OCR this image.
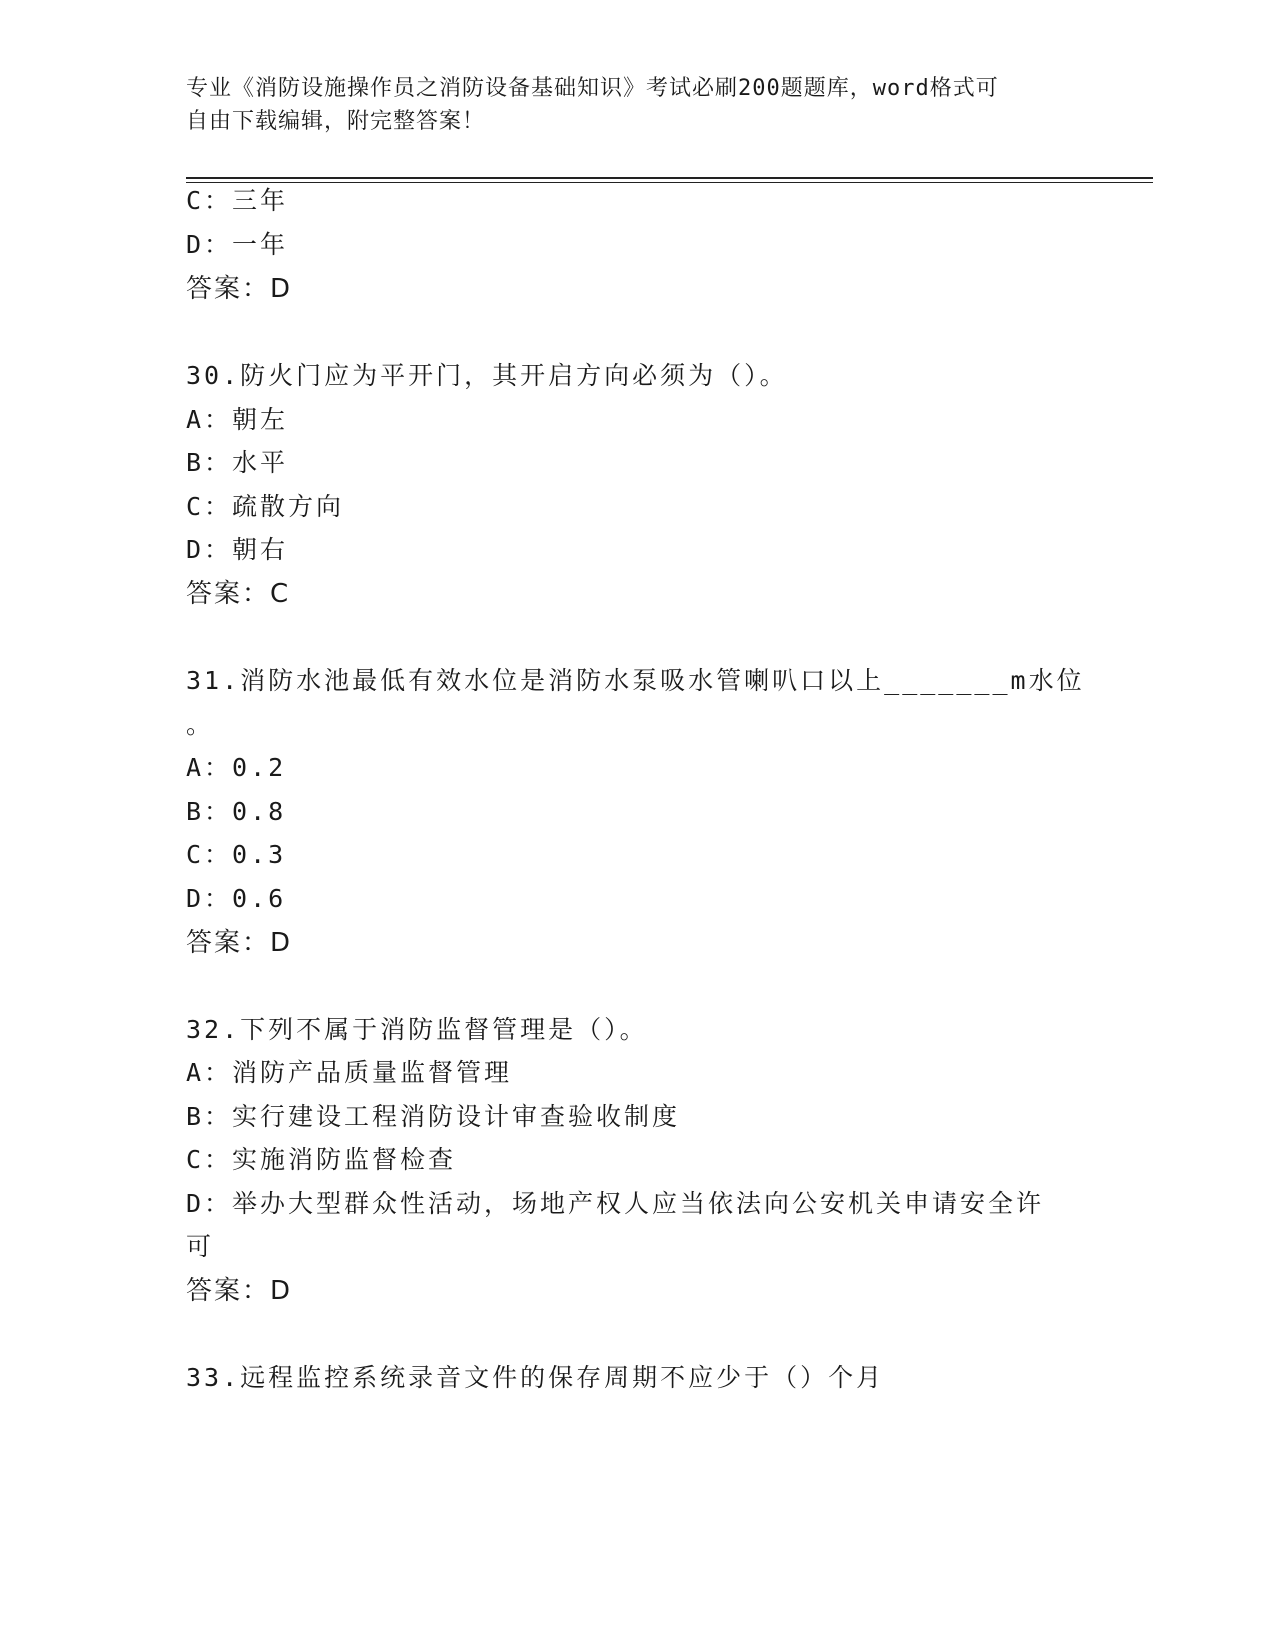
专业《消防设施操作员之消防设备基础知识》考试必刷200题题库，word格式可
自由下载编辑，附完整答案！
C：三年
D：一年
答案：D
30.防火门应为平开门，其开启方向必须为（）。
A：朝左
B：水平
C：疏散方向
D：朝右
答案：C
31.消防水池最低有效水位是消防水泵吸水管喇叭口以上_______m水位
。
A：0.2
B：0.8
C：0.3
D：0.6
答案：D
32.下列不属于消防监督管理是（）。
A：消防产品质量监督管理
B：实行建设工程消防设计审查验收制度
C：实施消防监督检查
D：举办大型群众性活动，场地产权人应当依法向公安机关申请安全许
可
答案：D
33.远程监控系统录音文件的保存周期不应少于（）个月
